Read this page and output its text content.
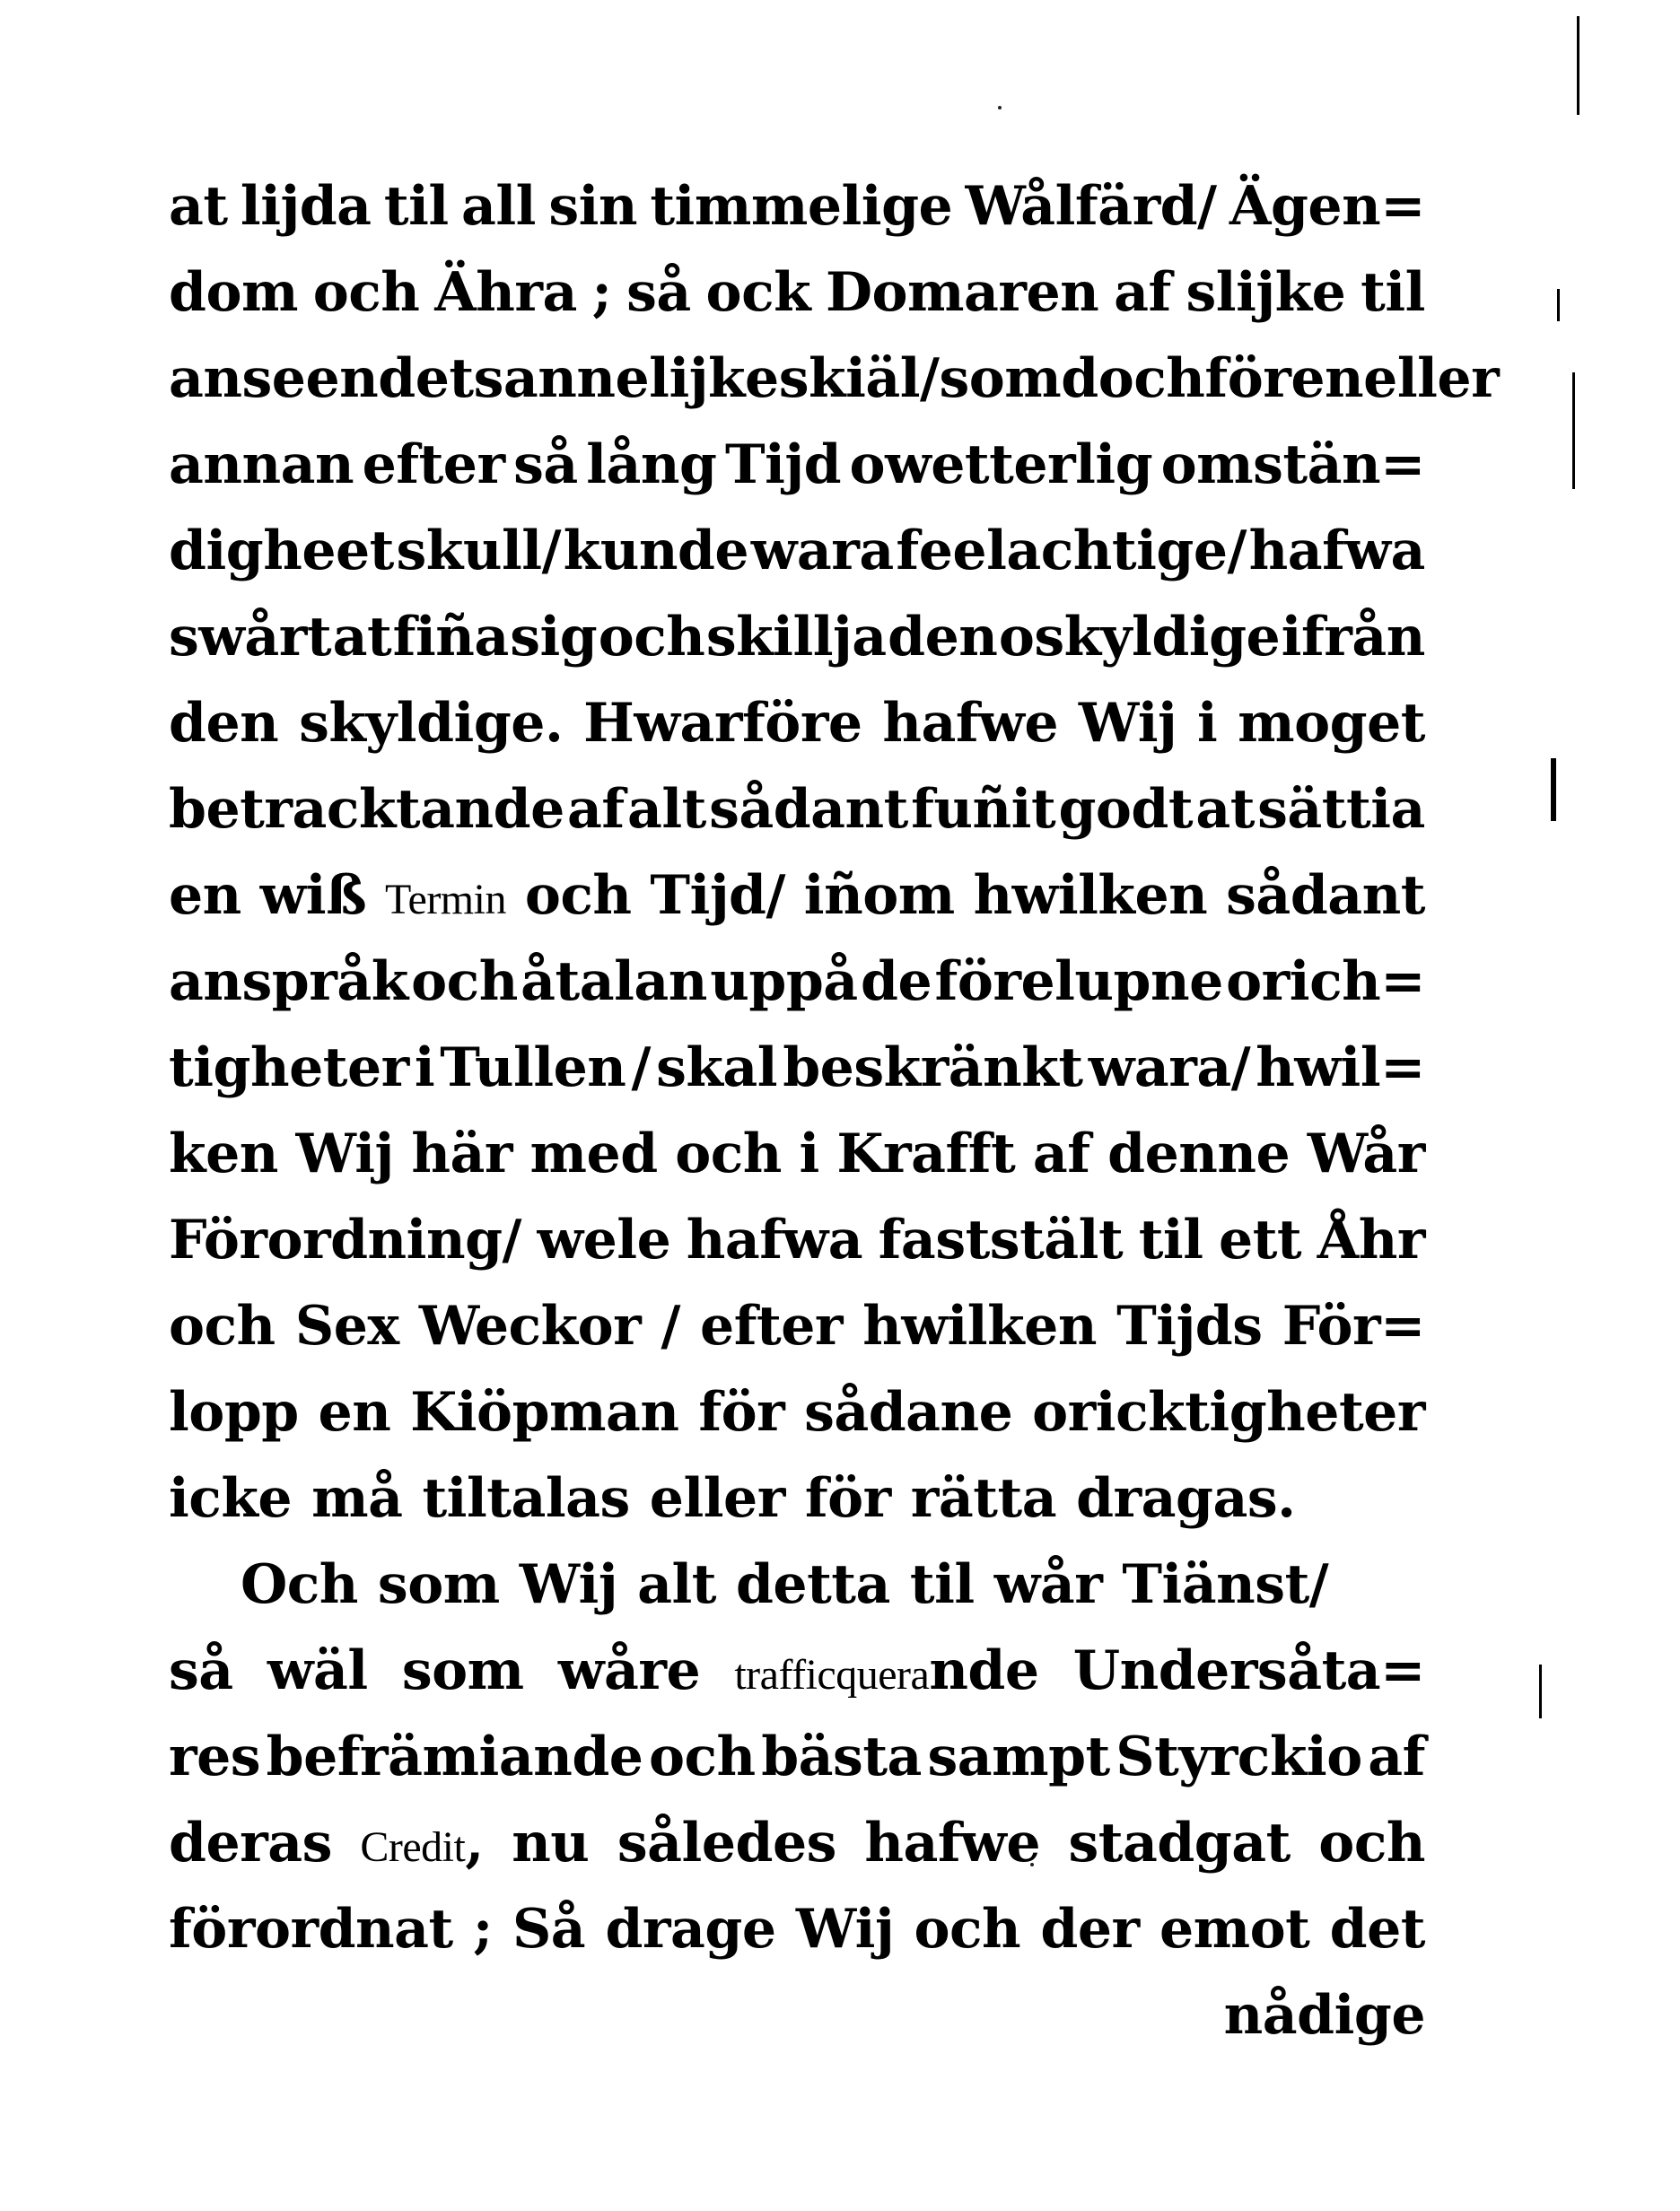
at lijda til all sin timmelige Wålfärd/ Ägen=
dom och Ähra ; så ock Domaren af slijke til
anseendet sannelijke skiäl/ som doch för en eller
annan efter så lång Tijd owetterlig omstän=
digheet skull/ kunde wara feelachtige/ hafwa
swårt at fiña sig och skillja den oskyldige ifrån
den skyldige. Hwarföre hafwe Wij i moget
betracktande af alt sådant fuñit godt at sättia
en wiß Termin och Tijd/ iñom hwilken sådant
anspråk och åtalan uppå de förelupne orich=
tigheter i Tullen / skal beskränkt wara/ hwil=
ken Wij här med och i Krafft af denne Wår
Förordning/ wele hafwa faststält til ett Åhr
och Sex Weckor / efter hwilken Tijds För=
lopp en Kiöpman för sådane oricktigheter
icke må tiltalas eller för rätta dragas.
Och som Wij alt detta til wår Tiänst/
så wäl som wåre trafficquerande Undersåta=
res befrämiande och bästa sampt Styrckio af
deras Credit, nu således hafwe stadgat och
förordnat ; Så drage Wij och der emot det
nådige
